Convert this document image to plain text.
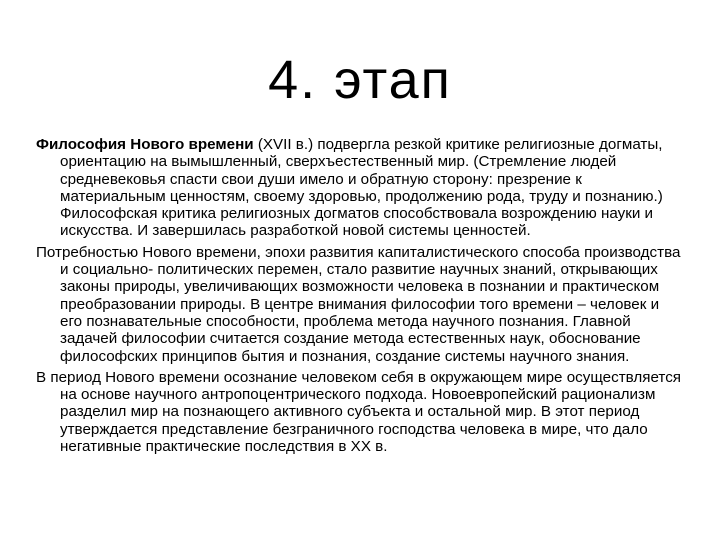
4. этап

Философия Нового времени (XVII в.) подвергла резкой критике религиозные догматы, ориентацию на вымышленный, сверхъестественный мир. (Стремление людей средневековья спасти свои души имело и обратную сторону: презрение к материальным ценностям, своему здоровью, продолжению рода, труду и познанию.) Философская критика религиозных догматов способствовала возрождению науки и искусства. И завершилась разработкой новой системы ценностей.

Потребностью Нового времени, эпохи развития капиталистического способа производства и социально- политических перемен, стало развитие научных знаний, открывающих законы природы, увеличивающих возможности человека в познании и практическом преобразовании природы. В центре внимания философии того времени – человек и его познавательные способности, проблема метода научного познания. Главной задачей философии считается создание метода естественных наук, обоснование философских принципов бытия и познания, создание системы научного знания.

В период Нового времени осознание человеком себя в окружающем мире осуществляется на основе научного антропоцентрического подхода. Новоевропейский рационализм разделил мир на познающего активного субъекта и остальной мир. В этот период утверждается представление безграничного господства человека в мире, что дало негативные практические последствия в ХХ в.
